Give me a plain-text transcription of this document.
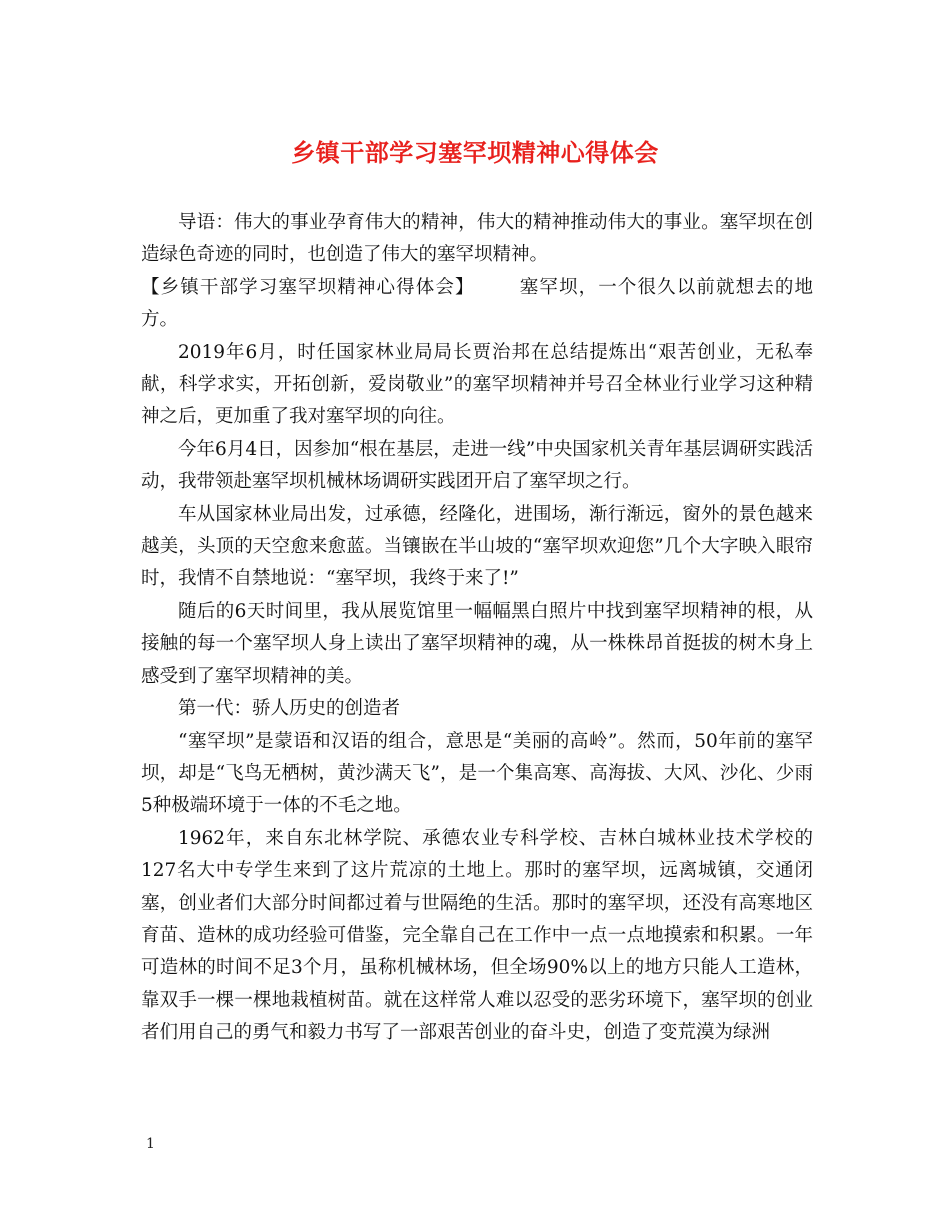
乡镇干部学习塞罕坝精神心得体会

导语：伟大的事业孕育伟大的精神，伟大的精神推动伟大的事业。塞罕坝在创造绿色奇迹的同时，也创造了伟大的塞罕坝精神。

【乡镇干部学习塞罕坝精神心得体会】 塞罕坝，一个很久以前就想去的地方。

2019年6月，时任国家林业局局长贾治邦在总结提炼出“艰苦创业，无私奉献，科学求实，开拓创新，爱岗敬业”的塞罕坝精神并号召全林业行业学习这种精神之后，更加重了我对塞罕坝的向往。

今年6月4日，因参加“根在基层，走进一线”中央国家机关青年基层调研实践活动，我带领赴塞罕坝机械林场调研实践团开启了塞罕坝之行。

车从国家林业局出发，过承德，经隆化，进围场，渐行渐远，窗外的景色越来越美，头顶的天空愈来愈蓝。当镶嵌在半山坡的“塞罕坝欢迎您”几个大字映入眼帘时，我情不自禁地说：“塞罕坝，我终于来了!”

随后的6天时间里，我从展览馆里一幅幅黑白照片中找到塞罕坝精神的根，从接触的每一个塞罕坝人身上读出了塞罕坝精神的魂，从一株株昂首挺拔的树木身上感受到了塞罕坝精神的美。

第一代：骄人历史的创造者

“塞罕坝”是蒙语和汉语的组合，意思是“美丽的高岭”。然而，50年前的塞罕坝，却是“飞鸟无栖树，黄沙满天飞”，是一个集高寒、高海拔、大风、沙化、少雨5种极端环境于一体的不毛之地。

1962年，来自东北林学院、承德农业专科学校、吉林白城林业技术学校的127名大中专学生来到了这片荒凉的土地上。那时的塞罕坝，远离城镇，交通闭塞，创业者们大部分时间都过着与世隔绝的生活。那时的塞罕坝，还没有高寒地区育苗、造林的成功经验可借鉴，完全靠自己在工作中一点一点地摸索和积累。一年可造林的时间不足3个月，虽称机械林场，但全场90%以上的地方只能人工造林，靠双手一棵一棵地栽植树苗。就在这样常人难以忍受的恶劣环境下，塞罕坝的创业者们用自己的勇气和毅力书写了一部艰苦创业的奋斗史，创造了变荒漠为绿洲

1
